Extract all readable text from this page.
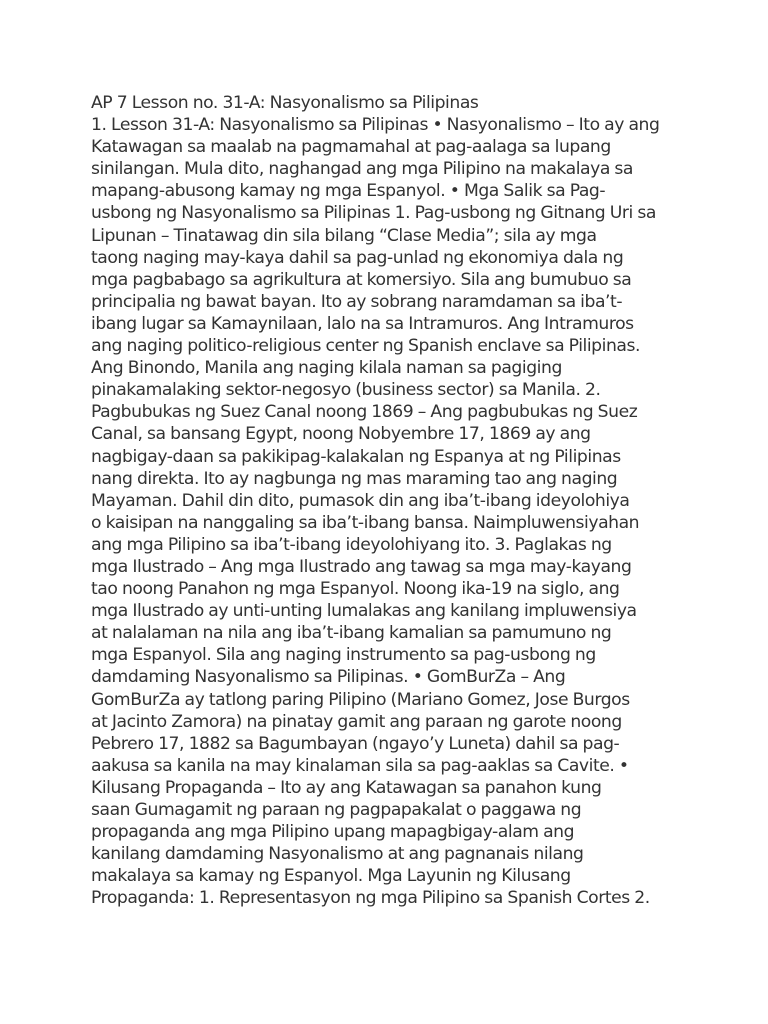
AP 7 Lesson no. 31-A: Nasyonalismo sa Pilipinas
1. Lesson 31-A: Nasyonalismo sa Pilipinas • Nasyonalismo – Ito ay ang
Katawagan sa maalab na pagmamahal at pag-aalaga sa lupang
sinilangan. Mula dito, naghangad ang mga Pilipino na makalaya sa
mapang-abusong kamay ng mga Espanyol. • Mga Salik sa Pag-
usbong ng Nasyonalismo sa Pilipinas 1. Pag-usbong ng Gitnang Uri sa
Lipunan – Tinatawag din sila bilang “Clase Media”; sila ay mga
taong naging may-kaya dahil sa pag-unlad ng ekonomiya dala ng
mga pagbabago sa agrikultura at komersiyo. Sila ang bumubuo sa
principalia ng bawat bayan. Ito ay sobrang naramdaman sa iba’t-
ibang lugar sa Kamaynilaan, lalo na sa Intramuros. Ang Intramuros
ang naging politico-religious center ng Spanish enclave sa Pilipinas.
Ang Binondo, Manila ang naging kilala naman sa pagiging
pinakamalaking sektor-negosyo (business sector) sa Manila. 2.
Pagbubukas ng Suez Canal noong 1869 – Ang pagbubukas ng Suez
Canal, sa bansang Egypt, noong Nobyembre 17, 1869 ay ang
nagbigay-daan sa pakikipag-kalakalan ng Espanya at ng Pilipinas
nang direkta. Ito ay nagbunga ng mas maraming tao ang naging
Mayaman. Dahil din dito, pumasok din ang iba’t-ibang ideyolohiya
o kaisipan na nanggaling sa iba’t-ibang bansa. Naimpluwensiyahan
ang mga Pilipino sa iba’t-ibang ideyolohiyang ito. 3. Paglakas ng
mga Ilustrado – Ang mga Ilustrado ang tawag sa mga may-kayang
tao noong Panahon ng mga Espanyol. Noong ika-19 na siglo, ang
mga Ilustrado ay unti-unting lumalakas ang kanilang impluwensiya
at nalalaman na nila ang iba’t-ibang kamalian sa pamumuno ng
mga Espanyol. Sila ang naging instrumento sa pag-usbong ng
damdaming Nasyonalismo sa Pilipinas. • GomBurZa – Ang
GomBurZa ay tatlong paring Pilipino (Mariano Gomez, Jose Burgos
at Jacinto Zamora) na pinatay gamit ang paraan ng garote noong
Pebrero 17, 1882 sa Bagumbayan (ngayo’y Luneta) dahil sa pag-
aakusa sa kanila na may kinalaman sila sa pag-aaklas sa Cavite. •
Kilusang Propaganda – Ito ay ang Katawagan sa panahon kung
saan Gumagamit ng paraan ng pagpapakalat o paggawa ng
propaganda ang mga Pilipino upang mapagbigay-alam ang
kanilang damdaming Nasyonalismo at ang pagnanais nilang
makalaya sa kamay ng Espanyol. Mga Layunin ng Kilusang
Propaganda: 1. Representasyon ng mga Pilipino sa Spanish Cortes 2.
